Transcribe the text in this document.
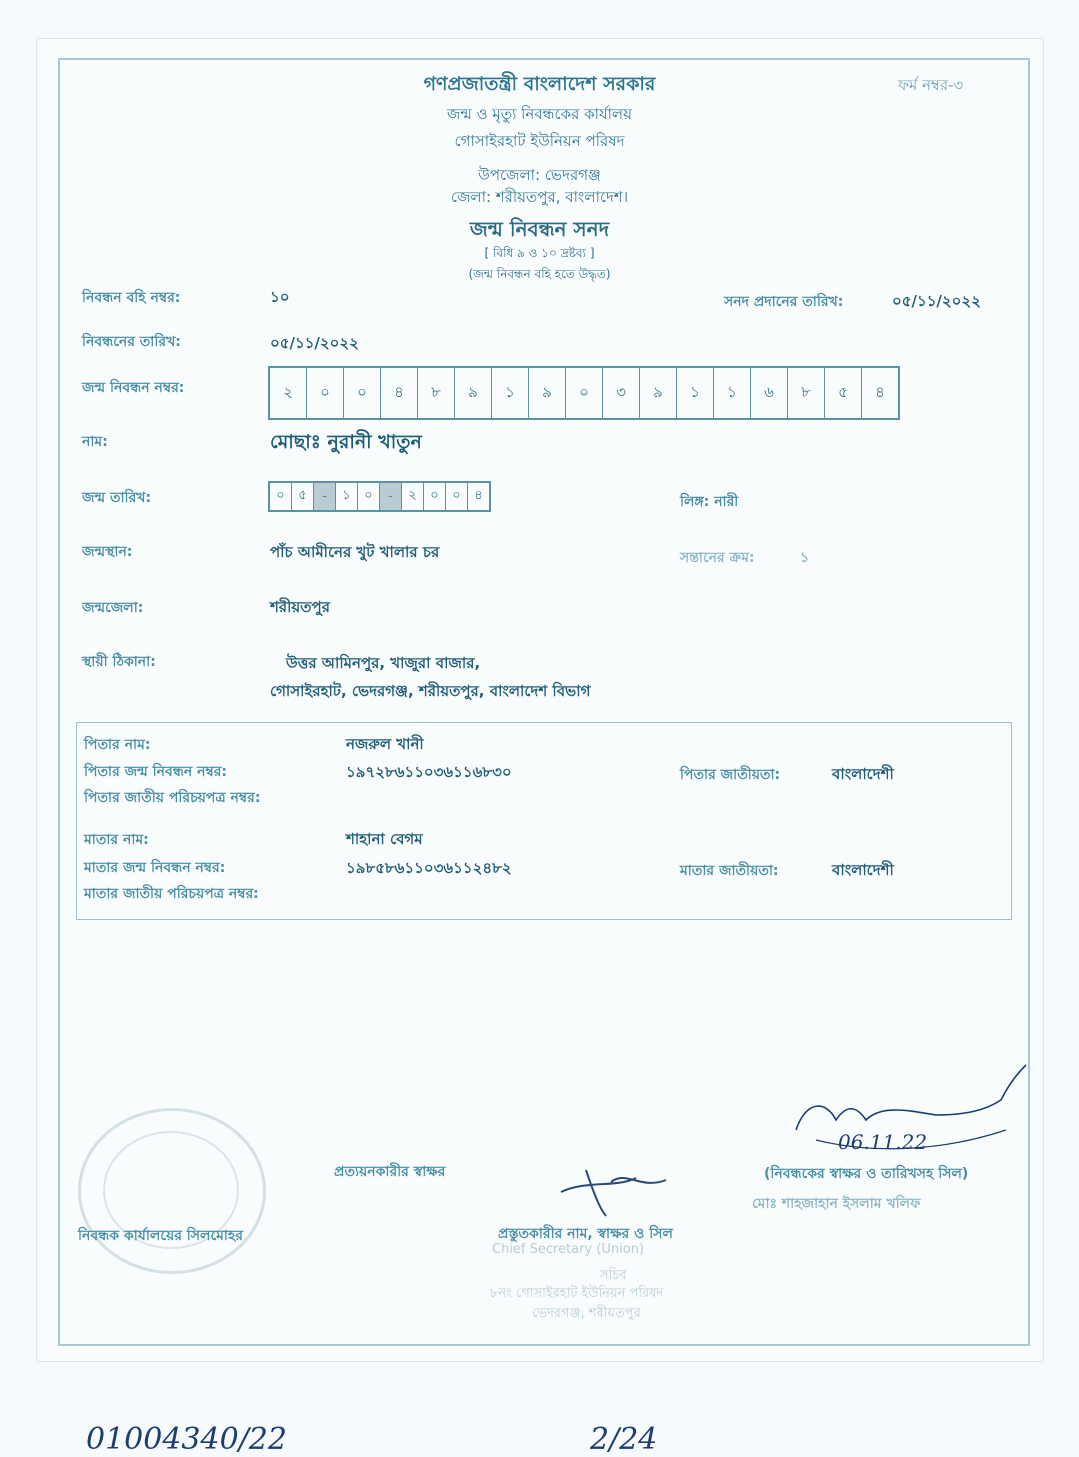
গণপ্রজাতন্ত্রী বাংলাদেশ সরকার	ফর্ম নম্বর-৩
জন্ম ও মৃত্যু নিবন্ধকের কার্যালয়
গোসাইরহাট ইউনিয়ন পরিষদ
উপজেলা: ভেদরগঞ্জ
জেলা: শরীয়তপুর, বাংলাদেশ।
জন্ম নিবন্ধন সনদ
[ বিধি ৯ ও ১০ দ্রষ্টব্য ]
(জন্ম নিবন্ধন বহি হতে উদ্ধৃত)
নিবন্ধন বহি নম্বর:	১০	সনদ প্রদানের তারিখ:	০৫/১১/২০২২
নিবন্ধনের তারিখ:	০৫/১১/২০২২
জন্ম নিবন্ধন নম্বর:	২	০	০	৪	৮	৯	১	৯	০	৩	৯	১	১	৬	৮	৫	৪
নাম:	মোছাঃ নুরানী খাতুন
জন্ম তারিখ:	০	৫	-	১	০	-	২	০	০	৪	লিঙ্গ: নারী
জন্মস্থান:	পাঁচ আমীনের খুট খালার চর	সন্তানের ক্রম:	১
জন্মজেলা:	শরীয়তপুর
স্থায়ী ঠিকানা:	উত্তর আমিনপুর, খাজুরা বাজার,
গোসাইরহাট, ভেদরগঞ্জ, শরীয়তপুর, বাংলাদেশ বিভাগ
পিতার নাম:	নজরুল খানী
পিতার জন্ম নিবন্ধন নম্বর:	১৯৭২৮৬১১০৩৬১১৬৮৩০	পিতার জাতীয়তা:	বাংলাদেশী
পিতার জাতীয় পরিচয়পত্র নম্বর:
মাতার নাম:	শাহানা বেগম
মাতার জন্ম নিবন্ধন নম্বর:	১৯৮৫৮৬১১০৩৬১১২৪৮২	মাতার জাতীয়তা:	বাংলাদেশী
মাতার জাতীয় পরিচয়পত্র নম্বর:
প্রত্যয়নকারীর স্বাক্ষর
নিবন্ধক কার্যালয়ের সিলমোহর	প্রস্তুতকারীর নাম, স্বাক্ষর ও সিল
Chief Secretary (Union)
সচিব
৮নং গোসাইরহাট ইউনিয়ন পরিষদ
ভেদরগঞ্জ, শরীয়তপুর
06.11.22
(নিবন্ধকের স্বাক্ষর ও তারিখসহ সিল)
মোঃ শাহজাহান ইসলাম খলিফ
01004340/22	2/24
